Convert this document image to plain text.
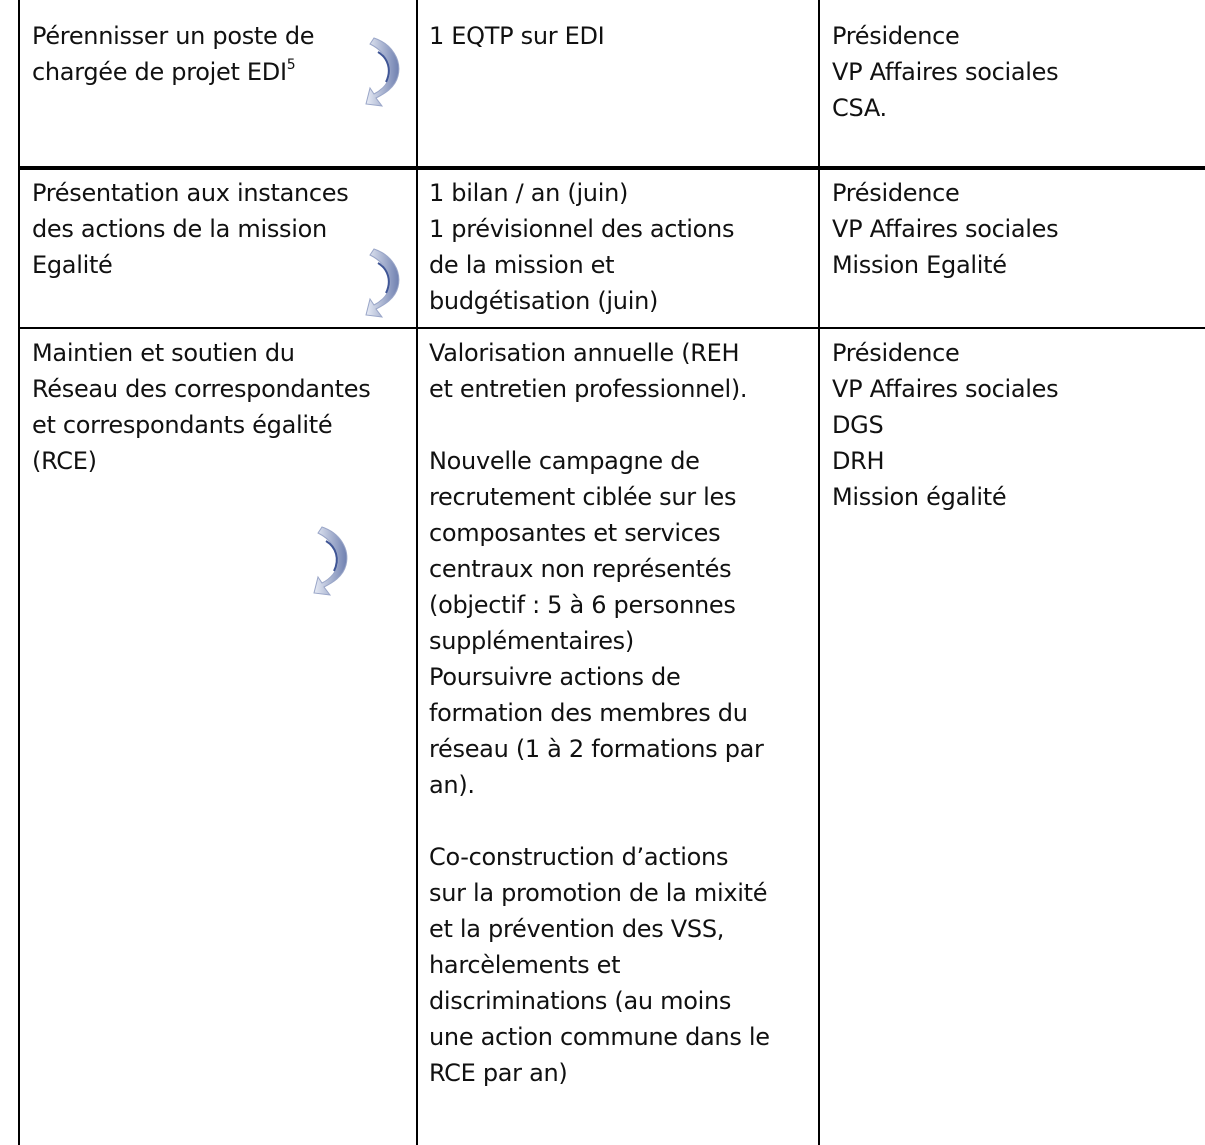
Pérennisser un poste de
chargée de projet EDI$^5$
1 EQTP sur EDI	Présidence
VP Affaires sociales
CSA.
Présentation aux instances
des actions de la mission
Egalité
1 bilan / an (juin)
1 prévisionnel des actions
de la mission et
budgétisation (juin)
Présidence
VP Affaires sociales
Mission Egalité
Maintien et soutien du
Réseau des correspondantes
et correspondants égalité
(RCE)
Valorisation annuelle (REH
et entretien professionnel).
Nouvelle campagne de
recrutement ciblée sur les
composantes et services
centraux non représentés
(objectif : 5 à 6 personnes
supplémentaires)
Poursuivre actions de
formation des membres du
réseau (1 à 2 formations par
an).
Co-construction d’actions
sur la promotion de la mixité
et la prévention des VSS,
harcèlements et
discriminations (au moins
une action commune dans le
RCE par an)
Présidence
VP Affaires sociales
DGS
DRH
Mission égalité
